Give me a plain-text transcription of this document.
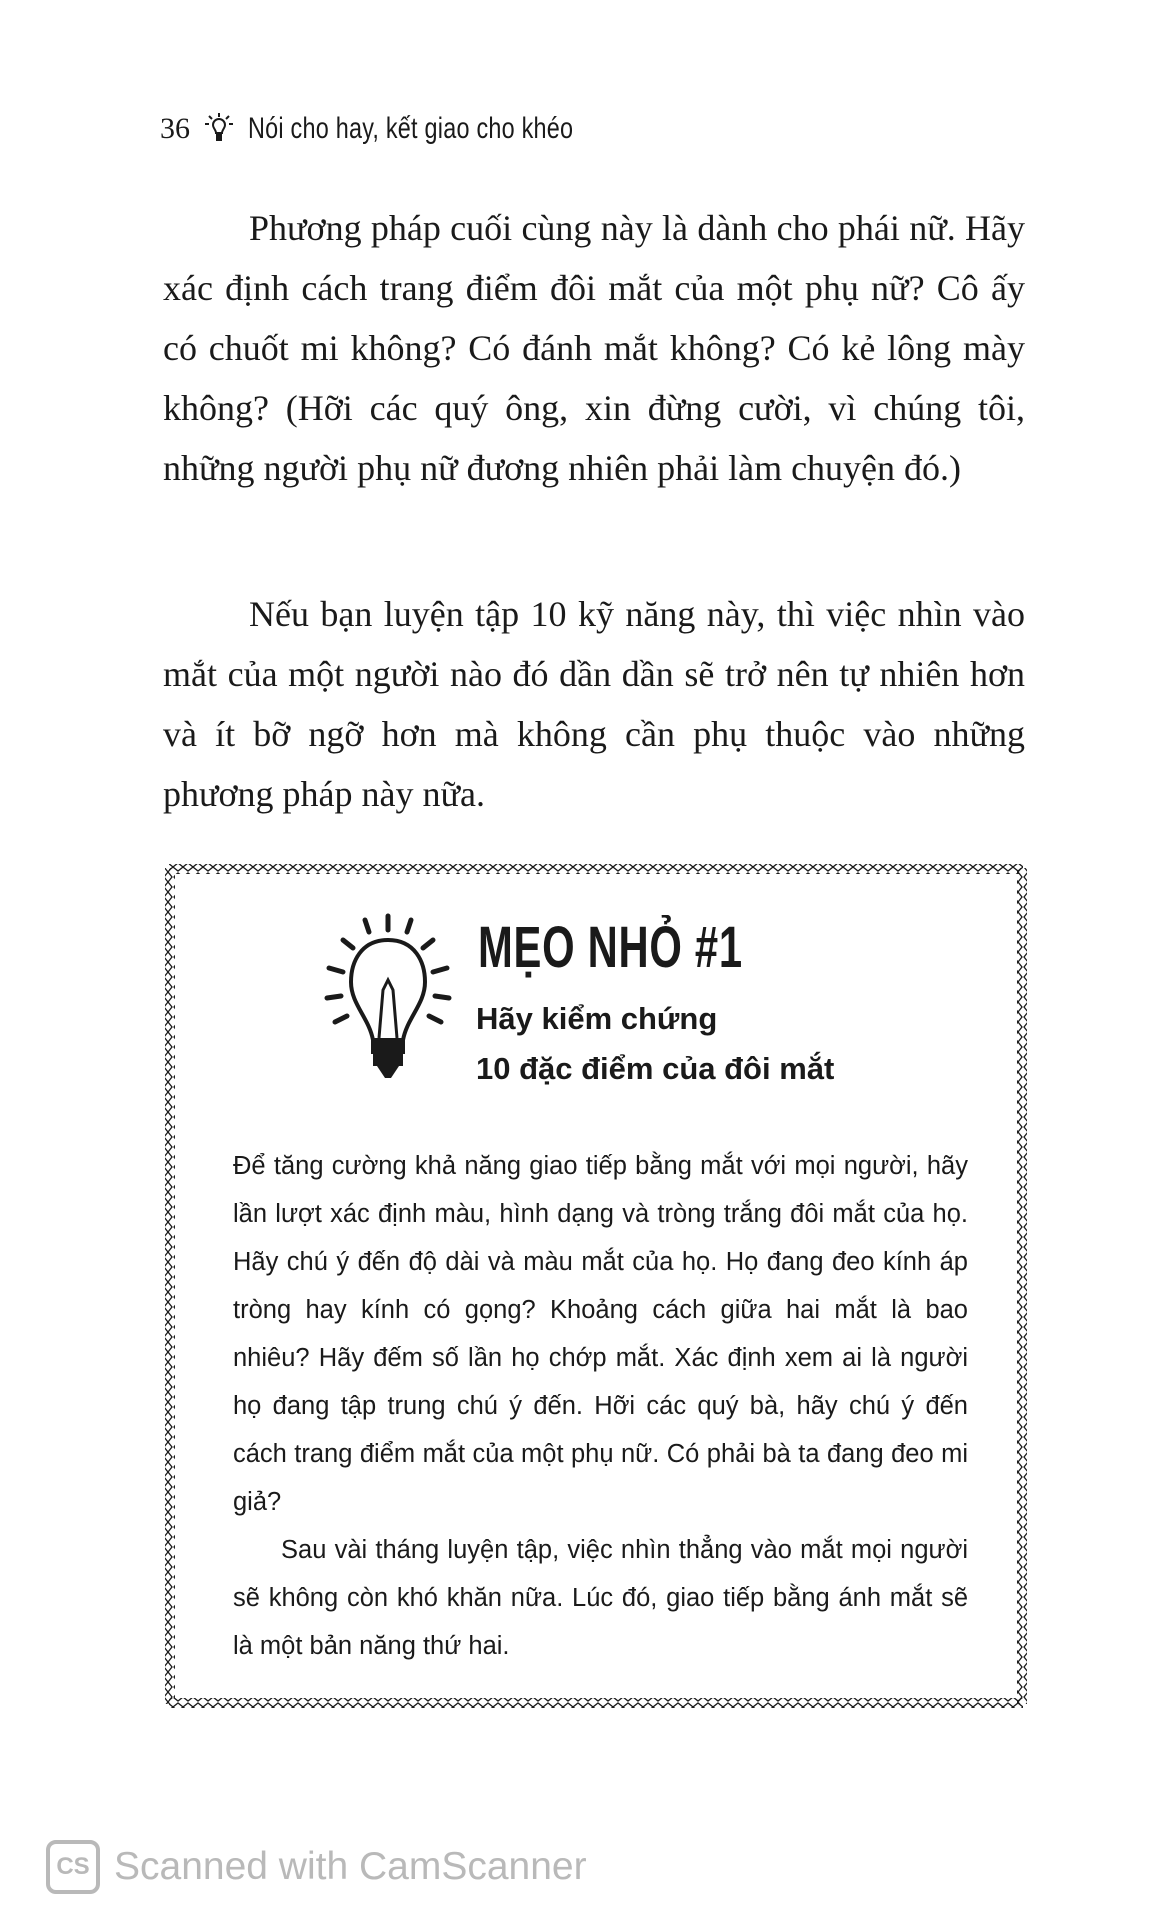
36 Nói cho hay, kết giao cho khéo

Phương pháp cuối cùng này là dành cho phái nữ. Hãy xác định cách trang điểm đôi mắt của một phụ nữ? Cô ấy có chuốt mi không? Có đánh mắt không? Có kẻ lông mày không? (Hỡi các quý ông, xin đừng cười, vì chúng tôi, những người phụ nữ đương nhiên phải làm chuyện đó.)

Nếu bạn luyện tập 10 kỹ năng này, thì việc nhìn vào mắt của một người nào đó dần dần sẽ trở nên tự nhiên hơn và ít bỡ ngỡ hơn mà không cần phụ thuộc vào những phương pháp này nữa.

MẸO NHỎ #1
Hãy kiểm chứng
10 đặc điểm của đôi mắt

Để tăng cường khả năng giao tiếp bằng mắt với mọi người, hãy lần lượt xác định màu, hình dạng và tròng trắng đôi mắt của họ. Hãy chú ý đến độ dài và màu mắt của họ. Họ đang đeo kính áp tròng hay kính có gọng? Khoảng cách giữa hai mắt là bao nhiêu? Hãy đếm số lần họ chớp mắt. Xác định xem ai là người họ đang tập trung chú ý đến. Hỡi các quý bà, hãy chú ý đến cách trang điểm mắt của một phụ nữ. Có phải bà ta đang đeo mi giả?

Sau vài tháng luyện tập, việc nhìn thẳng vào mắt mọi người sẽ không còn khó khăn nữa. Lúc đó, giao tiếp bằng ánh mắt sẽ là một bản năng thứ hai.

CS Scanned with CamScanner
